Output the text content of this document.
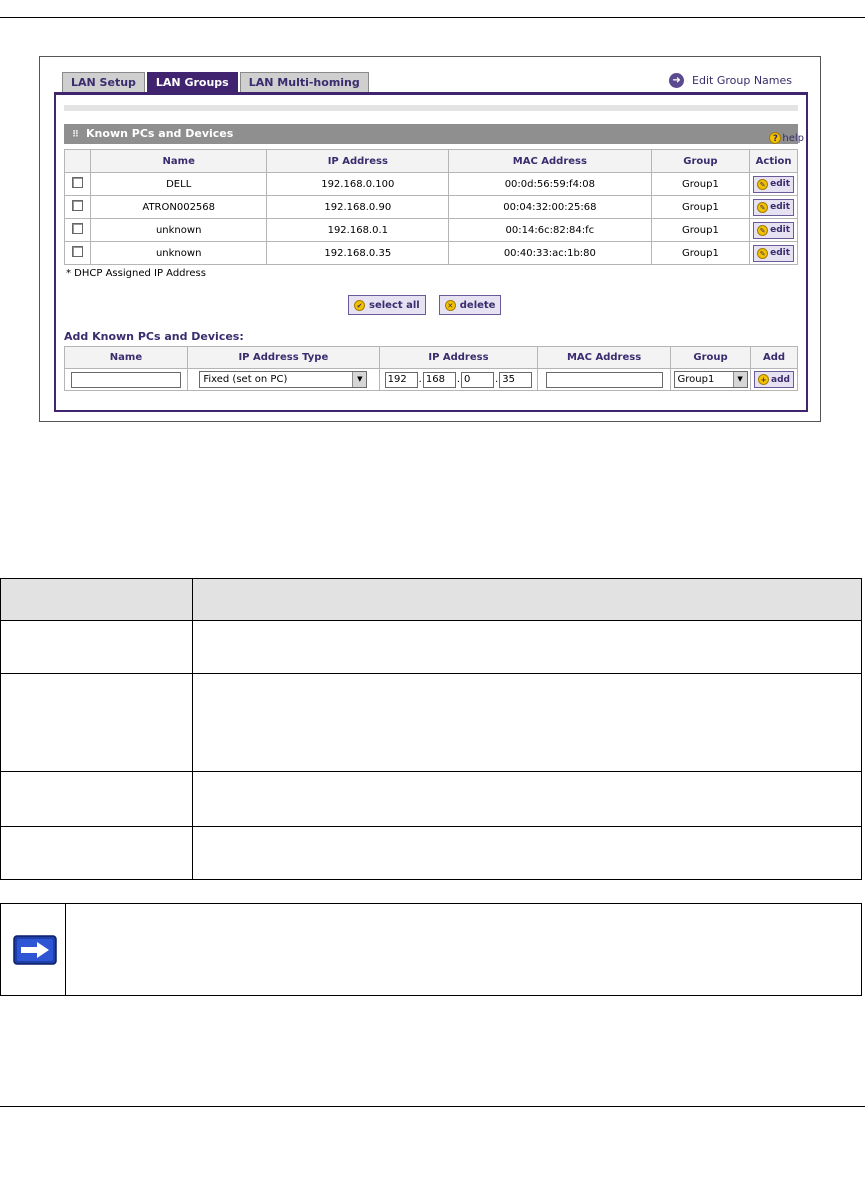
LAN Setup	LAN Groups	LAN Multi-homing	➜	Edit Group Names
⠿ Known PCs and Devices	? help
	Name	IP Address	MAC Address	Group	Action
	DELL	192.168.0.100	00:0d:56:59:f4:08	Group1	✎ edit

	ATRON002568	192.168.0.90	00:04:32:00:25:68	Group1	✎ edit

	unknown	192.168.0.1	00:14:6c:82:84:fc	Group1	✎ edit

	unknown	192.168.0.35	00:40:33:ac:1b:80	Group1	✎ edit
* DHCP Assigned IP Address
✔ select all	✕ delete
Add Known PCs and Devices:
Name	IP Address Type	IP Address	MAC Address	Group	Add

	Fixed (set on PC) ▼	192 . 168 . 0 . 35		Group1 ▼	+ add
